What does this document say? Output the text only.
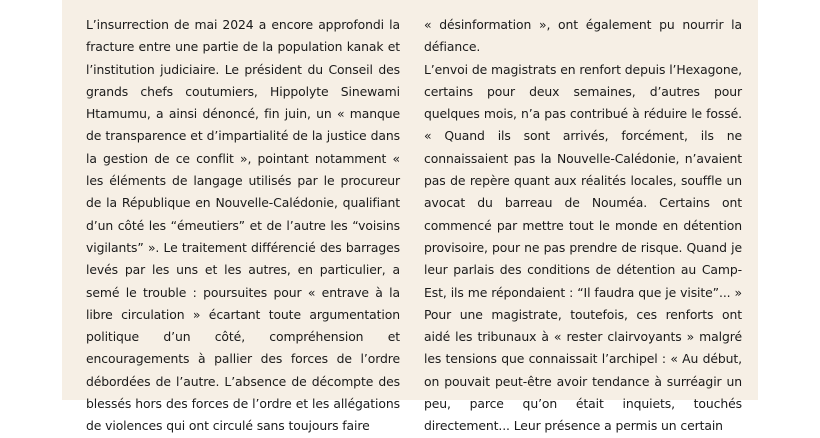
L’insurrection de mai 2024 a encore approfondi la fracture entre une partie de la population kanak et l’institution judiciaire. Le président du Conseil des grands chefs coutumiers, Hippolyte Sinewami Htamumu, a ainsi dénoncé, fin juin, un « manque de transparence et d’impartialité de la justice dans la gestion de ce conflit », pointant notamment « les éléments de langage utilisés par le procureur de la République en Nouvelle-Calédonie, qualifiant d’un côté les “émeutiers” et de l’autre les “voisins vigilants” ». Le traitement différencié des barrages levés par les uns et les autres, en particulier, a semé le trouble : poursuites pour « entrave à la libre circulation » écartant toute argumentation politique d’un côté, compréhension et encouragements à pallier des forces de l’ordre débordées de l’autre. L’absence de décompte des blessés hors des forces de l’ordre et les allégations de violences qui ont circulé sans toujours faire

« désinformation », ont également pu nourrir la défiance.

L’envoi de magistrats en renfort depuis l’Hexagone, certains pour deux semaines, d’autres pour quelques mois, n’a pas contribué à réduire le fossé. « Quand ils sont arrivés, forcément, ils ne connaissaient pas la Nouvelle-Calédonie, n’avaient pas de repère quant aux réalités locales, souffle un avocat du barreau de Nouméa. Certains ont commencé par mettre tout le monde en détention provisoire, pour ne pas prendre de risque. Quand je leur parlais des conditions de détention au Camp-Est, ils me répondaient : “Il faudra que je visite”... » Pour une magistrate, toutefois, ces renforts ont aidé les tribunaux à « rester clairvoyants » malgré les tensions que connaissait l’archipel : « Au début, on pouvait peut-être avoir tendance à surréagir un peu, parce qu’on était inquiets, touchés directement... Leur présence a permis un certain
